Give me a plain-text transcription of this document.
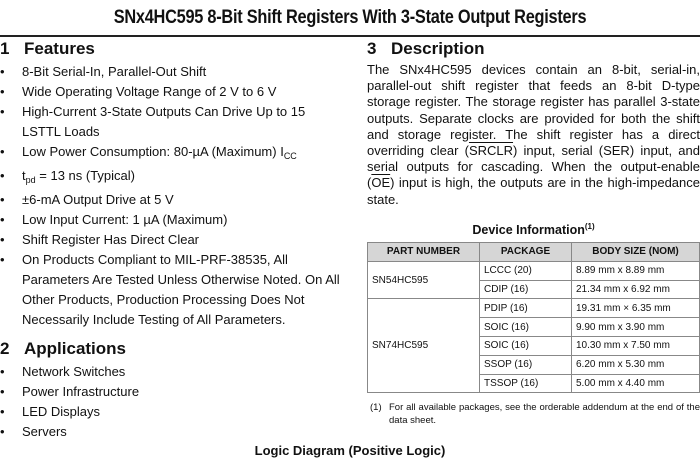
SNx4HC595 8-Bit Shift Registers With 3-State Output Registers
1 Features
• 8-Bit Serial-In, Parallel-Out Shift
• Wide Operating Voltage Range of 2 V to 6 V
• High-Current 3-State Outputs Can Drive Up to 15 LSTTL Loads
• Low Power Consumption: 80-µA (Maximum) $I_{CC}$
• $t_{pd} = 13$ ns (Typical)
• ±6-mA Output Drive at 5 V
• Low Input Current: 1 µA (Maximum)
• Shift Register Has Direct Clear
• On Products Compliant to MIL-PRF-38535, All Parameters Are Tested Unless Otherwise Noted. On All Other Products, Production Processing Does Not Necessarily Include Testing of All Parameters.
2 Applications
• Network Switches
• Power Infrastructure
• LED Displays
• Servers
3 Description

The SNx4HC595 devices contain an 8-bit, serial-in, parallel-out shift register that feeds an 8-bit D-type storage register. The storage register has parallel 3-state outputs. Separate clocks are provided for both the shift and storage register. The shift register has a direct overriding clear (SRCLR) input, serial (SER) input, and serial outputs for cascading. When the output-enable $(\overline{OE})$ input is high, the outputs are in the high-impedance state.

Device Information$^{(1)}$
PART NUMBER	PACKAGE	BODY SIZE (NOM)
SN54HC595	LCCC (20)	8.89 mm x 8.89 mm
	CDIP (16)	21.34 mm x 6.92 mm
SN74HC595	PDIP (16)	19.31 mm × 6.35 mm
	SOIC (16)	9.90 mm x 3.90 mm
	SOIC (16)	10.30 mm x 7.50 mm
	SSOP (16)	6.20 mm x 5.30 mm
	TSSOP (16)	5.00 mm x 4.40 mm
(1) For all available packages, see the orderable addendum at the end of the data sheet.
Logic Diagram (Positive Logic)
